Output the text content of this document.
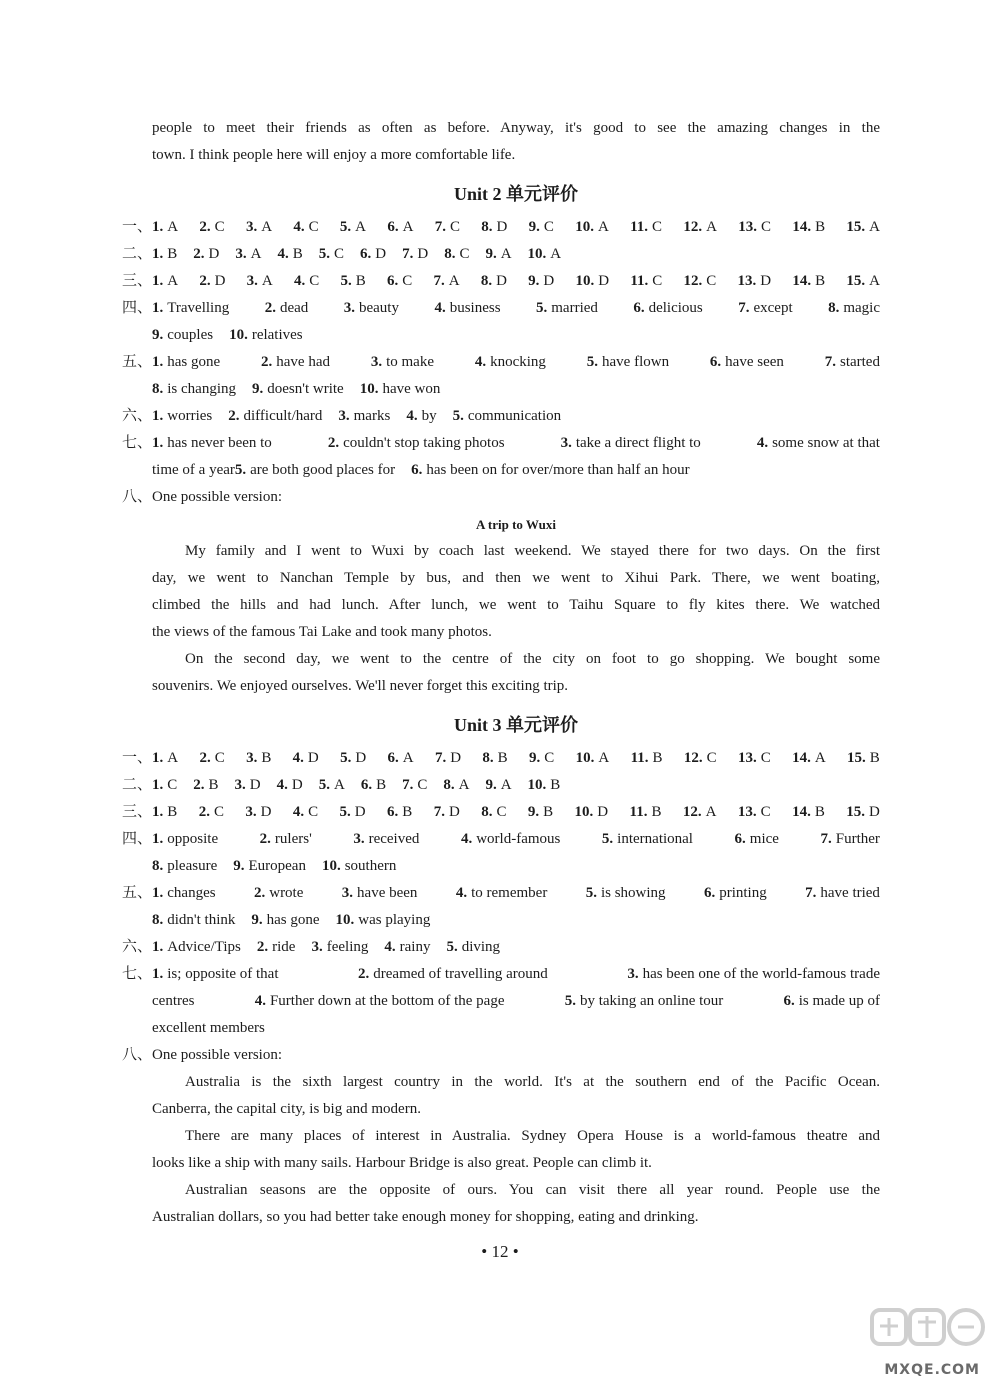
people to meet their friends as often as before. Anyway, it's good to see the amazing changes in the
town. I think people here will enjoy a more comfortable life.
Unit 2 单元评价
一、1. A 2. C 3. A 4. C 5. A 6. A 7. C 8. D 9. C 10. A 11. C 12. A 13. C 14. B 15. A
二、1. B 2. D 3. A 4. B 5. C 6. D 7. D 8. C 9. A 10. A
三、1. A 2. D 3. A 4. C 5. B 6. C 7. A 8. D 9. D 10. D 11. C 12. C 13. D 14. B 15. A
四、1. Travelling 2. dead 3. beauty 4. business 5. married 6. delicious 7. except 8. magic
9. couples 10. relatives
五、1. has gone	2. have had	3. to make	4. knocking	5. have flown	6. have seen	7. started
8. is changing 9. doesn't write 10. have won
六、1. worries 2. difficult/hard 3. marks 4. by 5. communication
七、1. has never been to	2. couldn't stop taking photos	3. take a direct flight to	4. some snow at that
time of a year 5. are both good places for 6. has been on for over/more than half an hour
八、 One possible version:
A trip to Wuxi
My family and I went to Wuxi by coach last weekend. We stayed there for two days. On the first
day, we went to Nanchan Temple by bus, and then we went to Xihui Park. There, we went boating,
climbed the hills and had lunch. After lunch, we went to Taihu Square to fly kites there. We watched
the views of the famous Tai Lake and took many photos.
On the second day, we went to the centre of the city on foot to go shopping. We bought some
souvenirs. We enjoyed ourselves. We'll never forget this exciting trip.
Unit 3 单元评价
一、1. A 2. C 3. B 4. D 5. D 6. A 7. D 8. B 9. C 10. A 11. B 12. C 13. C 14. A 15. B
二、1. C 2. B 3. D 4. D 5. A 6. B 7. C 8. A 9. A 10. B
三、1. B 2. C 3. D 4. C 5. D 6. B 7. D 8. C 9. B 10. D 11. B 12. A 13. C 14. B 15. D
四、1. opposite	2. rulers'	3. received	4. world-famous	5. international	6. mice	7. Further
8. pleasure 9. European 10. southern
五、1. changes	2. wrote	3. have been	4. to remember	5. is showing	6. printing	7. have tried
8. didn't think 9. has gone 10. was playing
六、1. Advice/Tips 2. ride 3. feeling 4. rainy 5. diving
七、1. is; opposite of that	2. dreamed of travelling around	3. has been one of the world-famous trade
centres	4. Further down at the bottom of the page	5. by taking an online tour	6. is made up of
excellent members
八、 One possible version:
Australia is the sixth largest country in the world. It's at the southern end of the Pacific Ocean.
Canberra, the capital city, is big and modern.
There are many places of interest in Australia. Sydney Opera House is a world-famous theatre and
looks like a ship with many sails. Harbour Bridge is also great. People can climb it.
Australian seasons are the opposite of ours. You can visit there all year round. People use the
Australian dollars, so you had better take enough money for shopping, eating and drinking.
• 12 •
MXQE.COM
